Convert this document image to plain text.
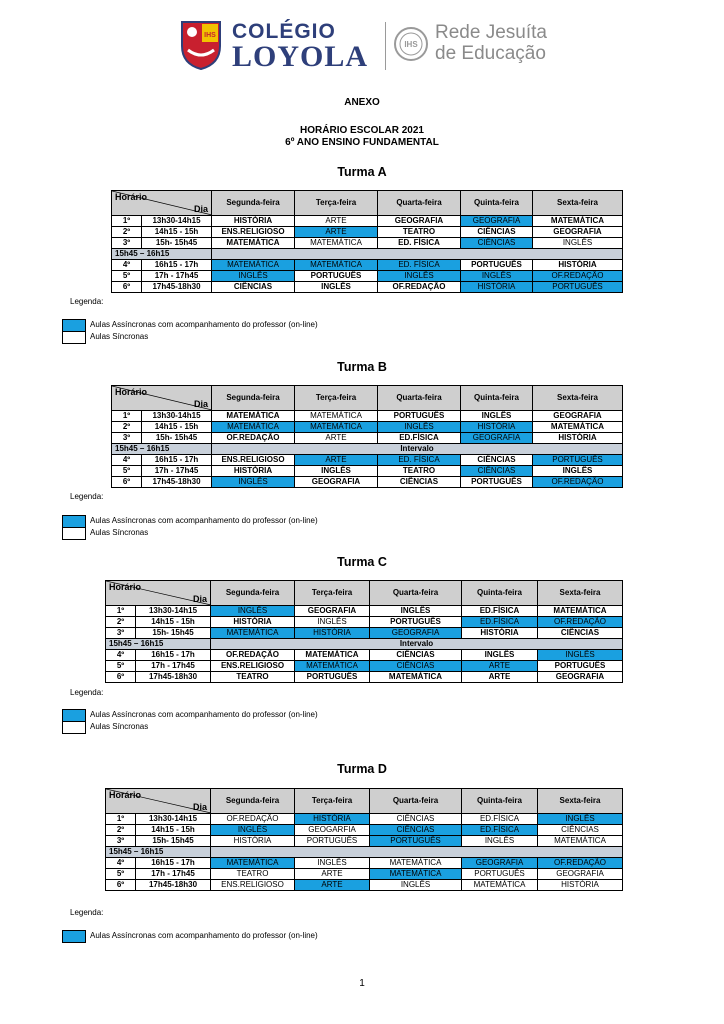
IHS COLÉGIO
LOYOLA	IHS
Rede Jesuíta
de Educação
ANEXO
HORÁRIO ESCOLAR 2021
6º ANO ENSINO FUNDAMENTAL
Turma A
Turma B
Turma C
Turma D
Horário
Dia		Segunda-feira	Terça-feira	Quarta-feira	Quinta-feira	Sexta-feira
1º	13h30-14h15	HISTÓRIA	ARTE	GEOGRAFIA	GEOGRAFIA	MATEMÁTICA
2º	14h15 - 15h	ENS.RELIGIOSO	ARTE	TEATRO	CIÊNCIAS	GEOGRAFIA
3º	15h- 15h45	MATEMÁTICA	MATEMÁTICA	ED. FÍSICA	CIÊNCIAS	INGLÊS
15h45 – 16h15						
4º	16h15 - 17h	MATEMÁTICA	MATEMÁTICA	ED. FÍSICA	PORTUGUÊS	HISTÓRIA
5º	17h - 17h45	INGLÊS	PORTUGUÊS	INGLÊS	INGLÊS	OF.REDAÇÃO
6º	17h45-18h30	CIÊNCIAS	INGLÊS	OF.REDAÇÃO	HISTÓRIA	PORTUGUÊS
Horário
Dia		Segunda-feira	Terça-feira	Quarta-feira	Quinta-feira	Sexta-feira
1º	13h30-14h15	MATEMÁTICA	MATEMÁTICA	PORTUGUÊS	INGLÊS	GEOGRAFIA
2º	14h15 - 15h	MATEMÁTICA	MATEMÁTICA	INGLÊS	HISTÓRIA	MATEMÁTICA
3º	15h- 15h45	OF.REDAÇÃO	ARTE	ED.FÍSICA	GEOGRAFIA	HISTÓRIA
15h45 – 16h15		Intervalo				
4º	16h15 - 17h	ENS.RELIGIOSO	ARTE	ED. FÍSICA	CIÊNCIAS	PORTUGUÊS
5º	17h - 17h45	HISTÓRIA	INGLÊS	TEATRO	CIÊNCIAS	INGLÊS
6º	17h45-18h30	INGLÊS	GEOGRAFIA	CIÊNCIAS	PORTUGUÊS	OF.REDAÇÃO
Horário
Dia		Segunda-feira	Terça-feira	Quarta-feira	Quinta-feira	Sexta-feira
1º	13h30-14h15	INGLÊS	GEOGRAFIA	INGLÊS	ED.FÍSICA	MATEMÁTICA
2º	14h15 - 15h	HISTÓRIA	INGLÊS	PORTUGUÊS	ED.FÍSICA	OF.REDAÇÃO
3º	15h- 15h45	MATEMÁTICA	HISTÓRIA	GEOGRAFIA	HISTÓRIA	CIÊNCIAS
15h45 – 16h15		Intervalo				
4º	16h15 - 17h	OF.REDAÇÃO	MATEMÁTICA	CIÊNCIAS	INGLÊS	INGLÊS
5º	17h - 17h45	ENS.RELIGIOSO	MATEMÁTICA	CIÊNCIAS	ARTE	PORTUGUÊS
6º	17h45-18h30	TEATRO	PORTUGUÊS	MATEMÁTICA	ARTE	GEOGRAFIA
Horário
Dia		Segunda-feira	Terça-feira	Quarta-feira	Quinta-feira	Sexta-feira
1º	13h30-14h15	OF.REDAÇÃO	HISTÓRIA	CIÊNCIAS	ED.FÍSICA	INGLÊS
2º	14h15 - 15h	INGLÊS	GEOGARFIA	CIÊNCIAS	ED.FÍSICA	CIÊNCIAS
3º	15h- 15h45	HISTÓRIA	PORTUGUÊS	PORTUGUÊS	INGLÊS	MATEMÁTICA
15h45 – 16h15						
4º	16h15 - 17h	MATEMÁTICA	INGLÊS	MATEMÁTICA	GEOGRAFIA	OF.REDAÇÃO
5º	17h - 17h45	TEATRO	ARTE	MATEMÁTICA	PORTUGUÊS	GEOGRAFIA
6º	17h45-18h30	ENS.RELIGIOSO	ARTE	INGLÊS	MATEMÁTICA	HISTÓRIA
Legenda:
Aulas Assíncronas com acompanhamento do professor (on-line)
Aulas Síncronas
Legenda:
Aulas Assíncronas com acompanhamento do professor (on-line)
Aulas Síncronas
Legenda:
Aulas Assíncronas com acompanhamento do professor (on-line)
Aulas Síncronas
Legenda:
Aulas Assíncronas com acompanhamento do professor (on-line)
1
